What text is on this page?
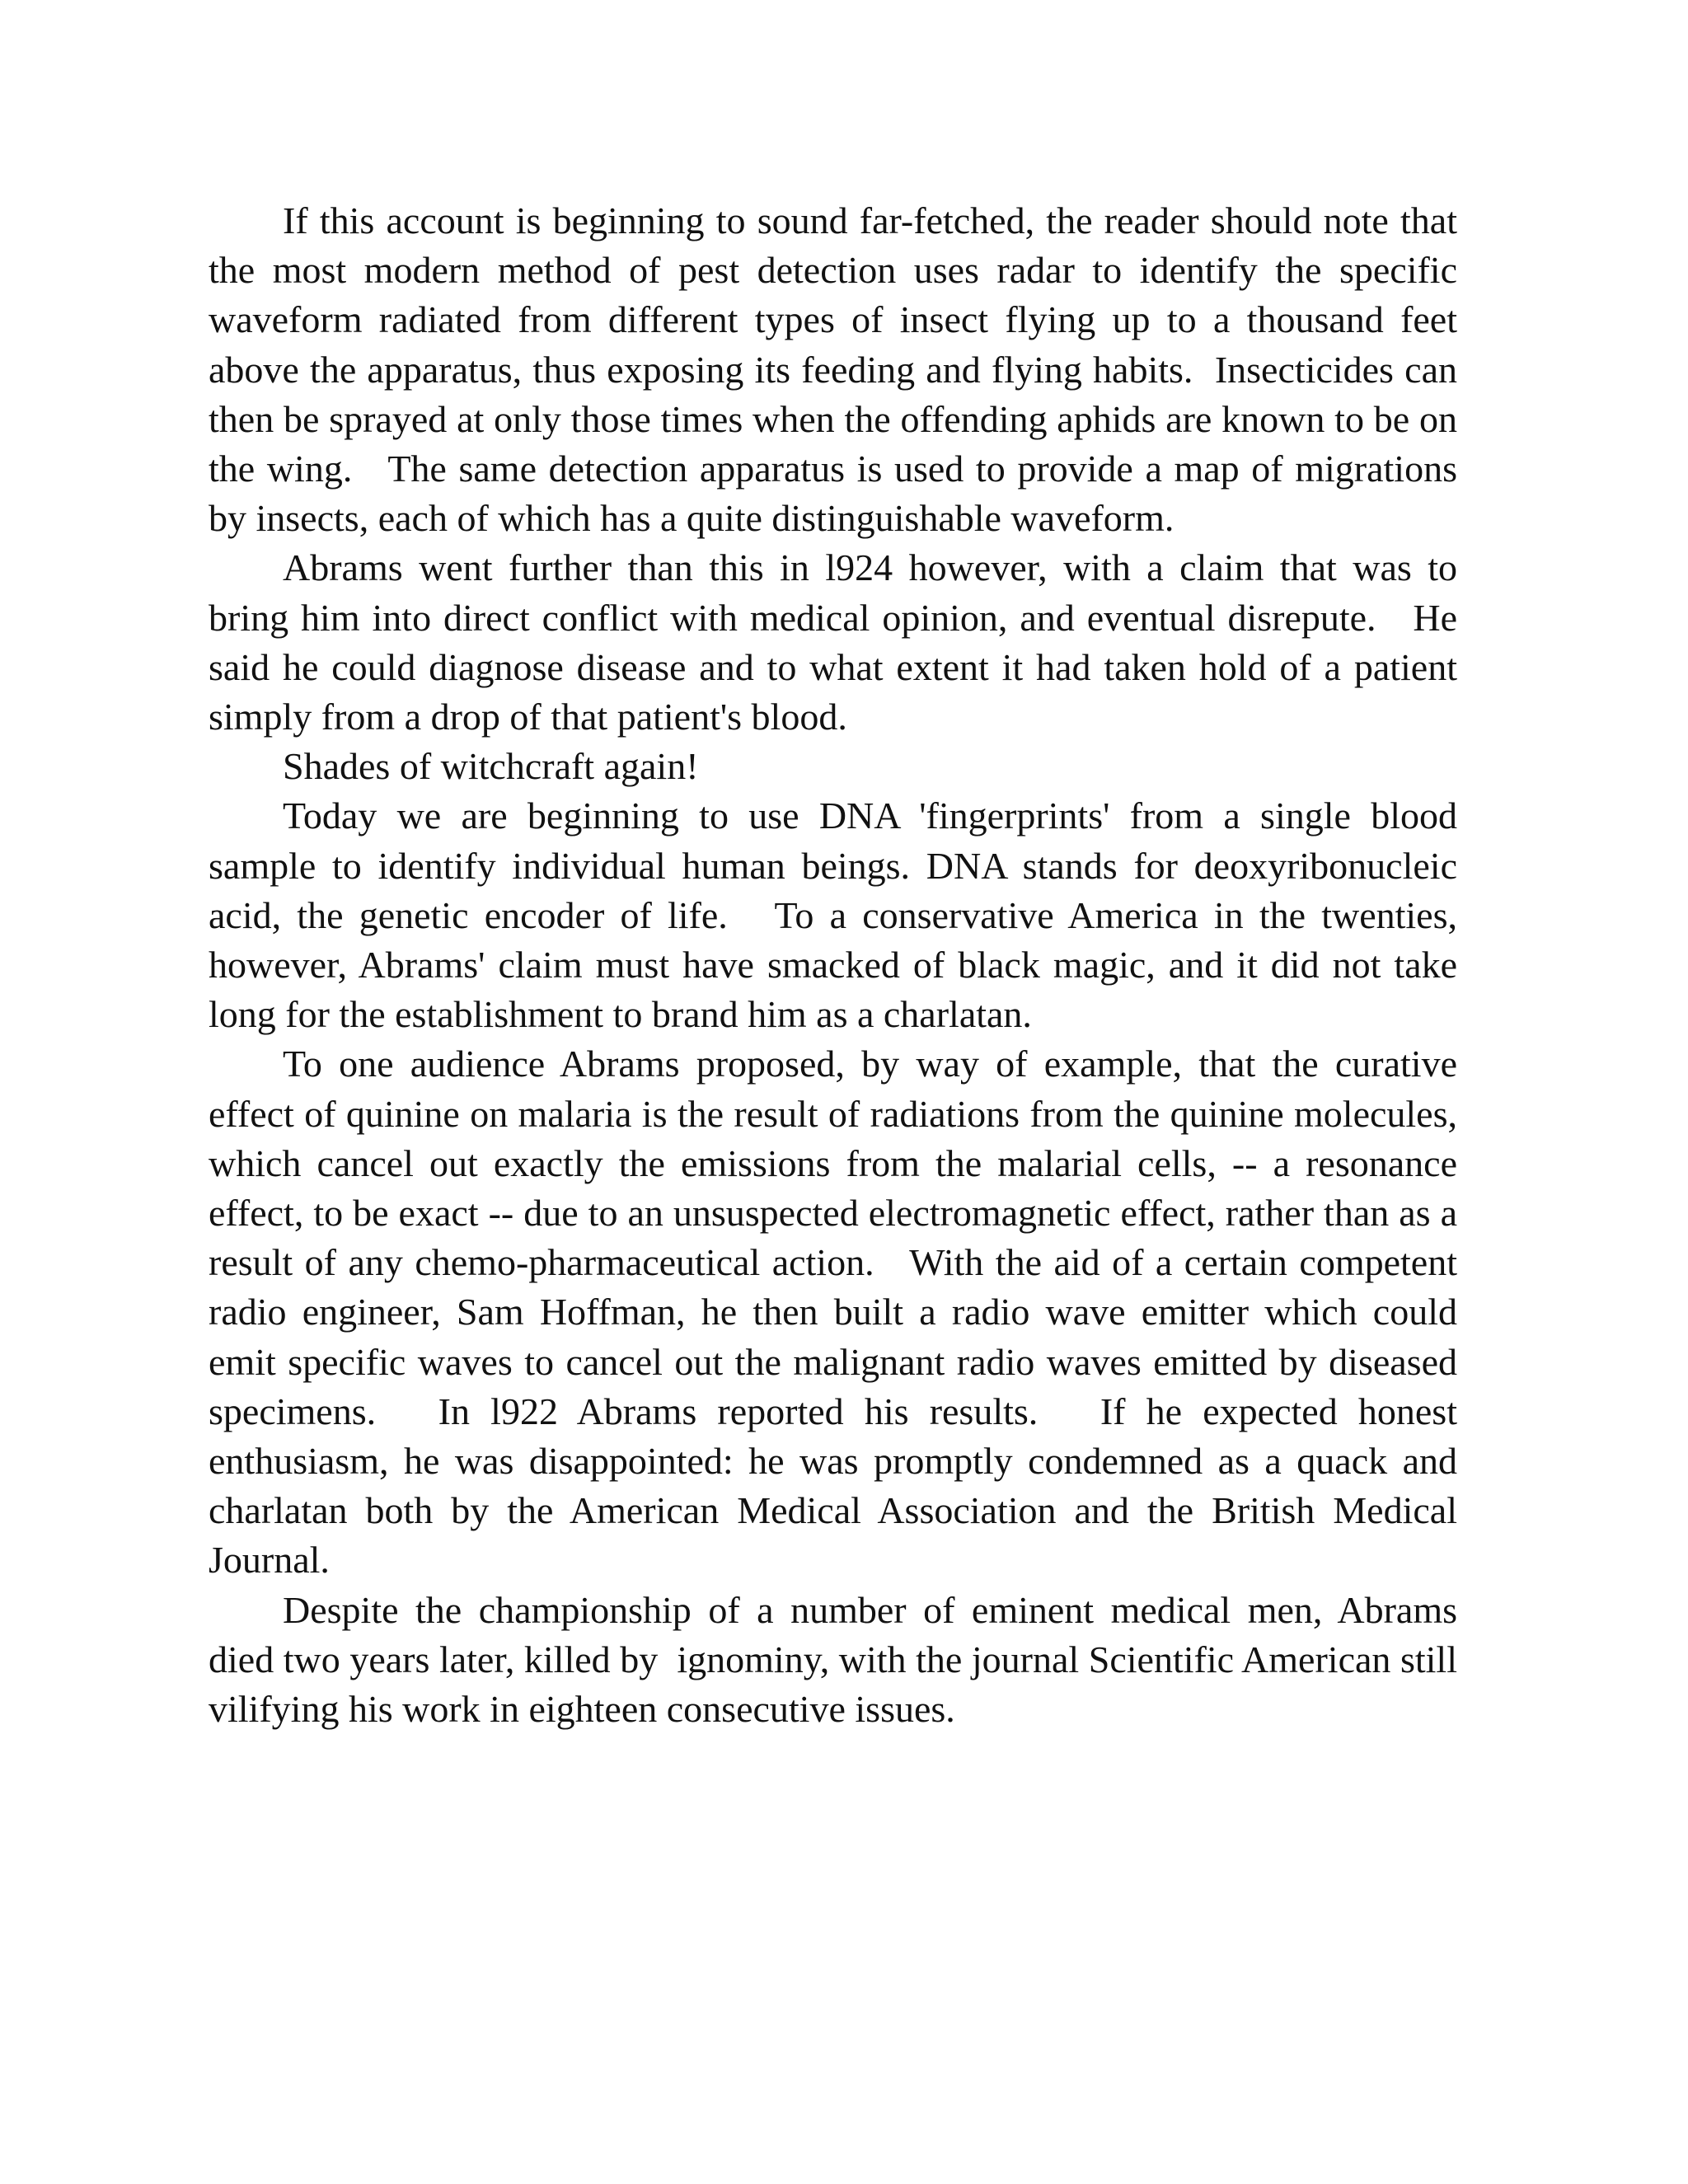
If this account is beginning to sound far-fetched, the reader should note that the most modern method of pest detection uses radar to identify the specific waveform radiated from different types of insect flying up to a thousand feet above the apparatus, thus exposing its feeding and flying habits.  Insecticides can then be sprayed at only those times when the offending aphids are known to be on the wing.   The same detection apparatus is used to provide a map of migrations by insects, each of which has a quite distinguishable waveform.

Abrams went further than this in l924 however, with a claim that was to bring him into direct conflict with medical opinion, and eventual disrepute.   He said he could diagnose disease and to what extent it had taken hold of a patient simply from a drop of that patient's blood.

Shades of witchcraft again!

Today we are beginning to use DNA 'fingerprints' from a single blood sample to identify individual human beings. DNA stands for deoxyribonucleic acid, the genetic encoder of life.   To a conservative America in the twenties, however, Abrams' claim must have smacked of black magic, and it did not take long for the establishment to brand him as a charlatan.

To one audience Abrams proposed, by way of example, that the curative effect of quinine on malaria is the result of radiations from the quinine molecules, which cancel out exactly the emissions from the malarial cells, -- a resonance effect, to be exact -- due to an unsuspected electromagnetic effect, rather than as a result of any chemo-pharmaceutical action.   With the aid of a certain competent radio engineer, Sam Hoffman, he then built a radio wave emitter which could emit specific waves to cancel out the malignant radio waves emitted by diseased specimens.   In l922 Abrams reported his results.   If he expected honest enthusiasm, he was disappointed: he was promptly condemned as a quack and charlatan both by the American Medical Association and the British Medical Journal.

Despite the championship of a number of eminent medical men, Abrams died two years later, killed by  ignominy, with the journal Scientific American still vilifying his work in eighteen consecutive issues.
